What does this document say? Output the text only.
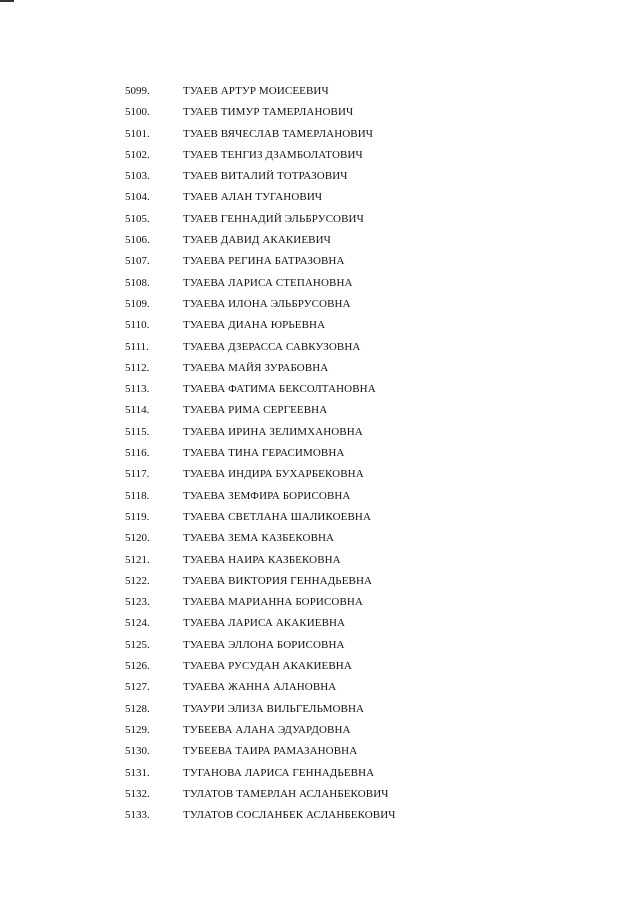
5099.	ТУАЕВ АРТУР МОИСЕЕВИЧ
5100.	ТУАЕВ ТИМУР ТАМЕРЛАНОВИЧ
5101.	ТУАЕВ ВЯЧЕСЛАВ ТАМЕРЛАНОВИЧ
5102.	ТУАЕВ ТЕНГИЗ ДЗАМБОЛАТОВИЧ
5103.	ТУАЕВ ВИТАЛИЙ ТОТРАЗОВИЧ
5104.	ТУАЕВ АЛАН ТУГАНОВИЧ
5105.	ТУАЕВ ГЕННАДИЙ ЭЛЬБРУСОВИЧ
5106.	ТУАЕВ ДАВИД АКАКИЕВИЧ
5107.	ТУАЕВА РЕГИНА БАТРАЗОВНА
5108.	ТУАЕВА ЛАРИСА СТЕПАНОВНА
5109.	ТУАЕВА ИЛОНА ЭЛЬБРУСОВНА
5110.	ТУАЕВА ДИАНА ЮРЬЕВНА
5111.	ТУАЕВА ДЗЕРАССА САВКУЗОВНА
5112.	ТУАЕВА МАЙЯ ЗУРАБОВНА
5113.	ТУАЕВА ФАТИМА БЕКСОЛТАНОВНА
5114.	ТУАЕВА РИМА СЕРГЕЕВНА
5115.	ТУАЕВА ИРИНА ЗЕЛИМХАНОВНА
5116.	ТУАЕВА ТИНА ГЕРАСИМОВНА
5117.	ТУАЕВА ИНДИРА БУХАРБЕКОВНА
5118.	ТУАЕВА ЗЕМФИРА БОРИСОВНА
5119.	ТУАЕВА СВЕТЛАНА ШАЛИКОЕВНА
5120.	ТУАЕВА ЗЕМА КАЗБЕКОВНА
5121.	ТУАЕВА НАИРА КАЗБЕКОВНА
5122.	ТУАЕВА ВИКТОРИЯ ГЕННАДЬЕВНА
5123.	ТУАЕВА МАРИАННА БОРИСОВНА
5124.	ТУАЕВА ЛАРИСА АКАКИЕВНА
5125.	ТУАЕВА ЭЛЛОНА БОРИСОВНА
5126.	ТУАЕВА РУСУДАН АКАКИЕВНА
5127.	ТУАЕВА ЖАННА АЛАНОВНА
5128.	ТУАУРИ ЭЛИЗА ВИЛЬГЕЛЬМОВНА
5129.	ТУБЕЕВА АЛАНА ЭДУАРДОВНА
5130.	ТУБЕЕВА ТАИРА РАМАЗАНОВНА
5131.	ТУГАНОВА ЛАРИСА ГЕННАДЬЕВНА
5132.	ТУЛАТОВ ТАМЕРЛАН АСЛАНБЕКОВИЧ
5133.	ТУЛАТОВ СОСЛАНБЕК АСЛАНБЕКОВИЧ
